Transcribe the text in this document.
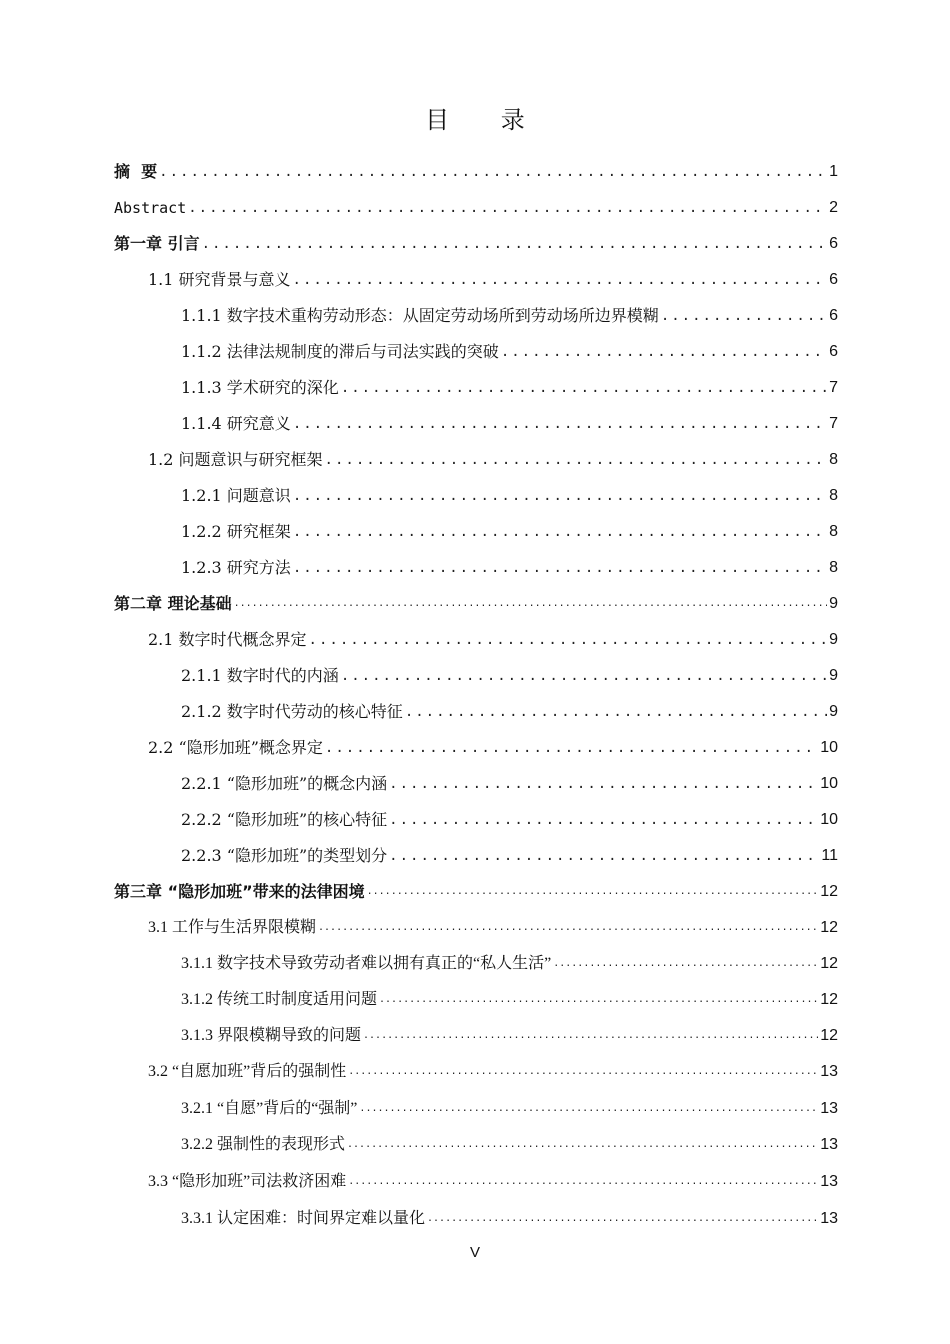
目 录
摘  要 .....	1
Abstract .....	2
第一章 引言 .....	6
1.1 研究背景与意义 .....	6
1.1.1 数字技术重构劳动形态：从固定劳动场所到劳动场所边界模糊 .....	6
1.1.2 法律法规制度的滞后与司法实践的突破 .....	6
1.1.3 学术研究的深化 .....	7
1.1.4 研究意义 .....	7
1.2 问题意识与研究框架 .....	8
1.2.1 问题意识 .....	8
1.2.2 研究框架 .....	8
1.2.3 研究方法 .....	8
第二章 理论基础 .....	9
2.1 数字时代概念界定 .....	9
2.1.1 数字时代的内涵 .....	9
2.1.2 数字时代劳动的核心特征 .....	9
2.2 “隐形加班”概念界定 .....	10
2.2.1 “隐形加班”的概念内涵 .....	10
2.2.2 “隐形加班”的核心特征 .....	10
2.2.3 “隐形加班”的类型划分 .....	11
第三章 “隐形加班”带来的法律困境 .....	12
3.1 工作与生活界限模糊 .....	12
3.1.1 数字技术导致劳动者难以拥有真正的“私人生活” .....	12
3.1.2 传统工时制度适用问题 .....	12
3.1.3 界限模糊导致的问题 .....	12
3.2 “自愿加班”背后的强制性 .....	13
3.2.1 “自愿”背后的“强制” .....	13
3.2.2 强制性的表现形式 .....	13
3.3 “隐形加班”司法救济困难 .....	13
3.3.1 认定困难：时间界定难以量化 .....	13
V
